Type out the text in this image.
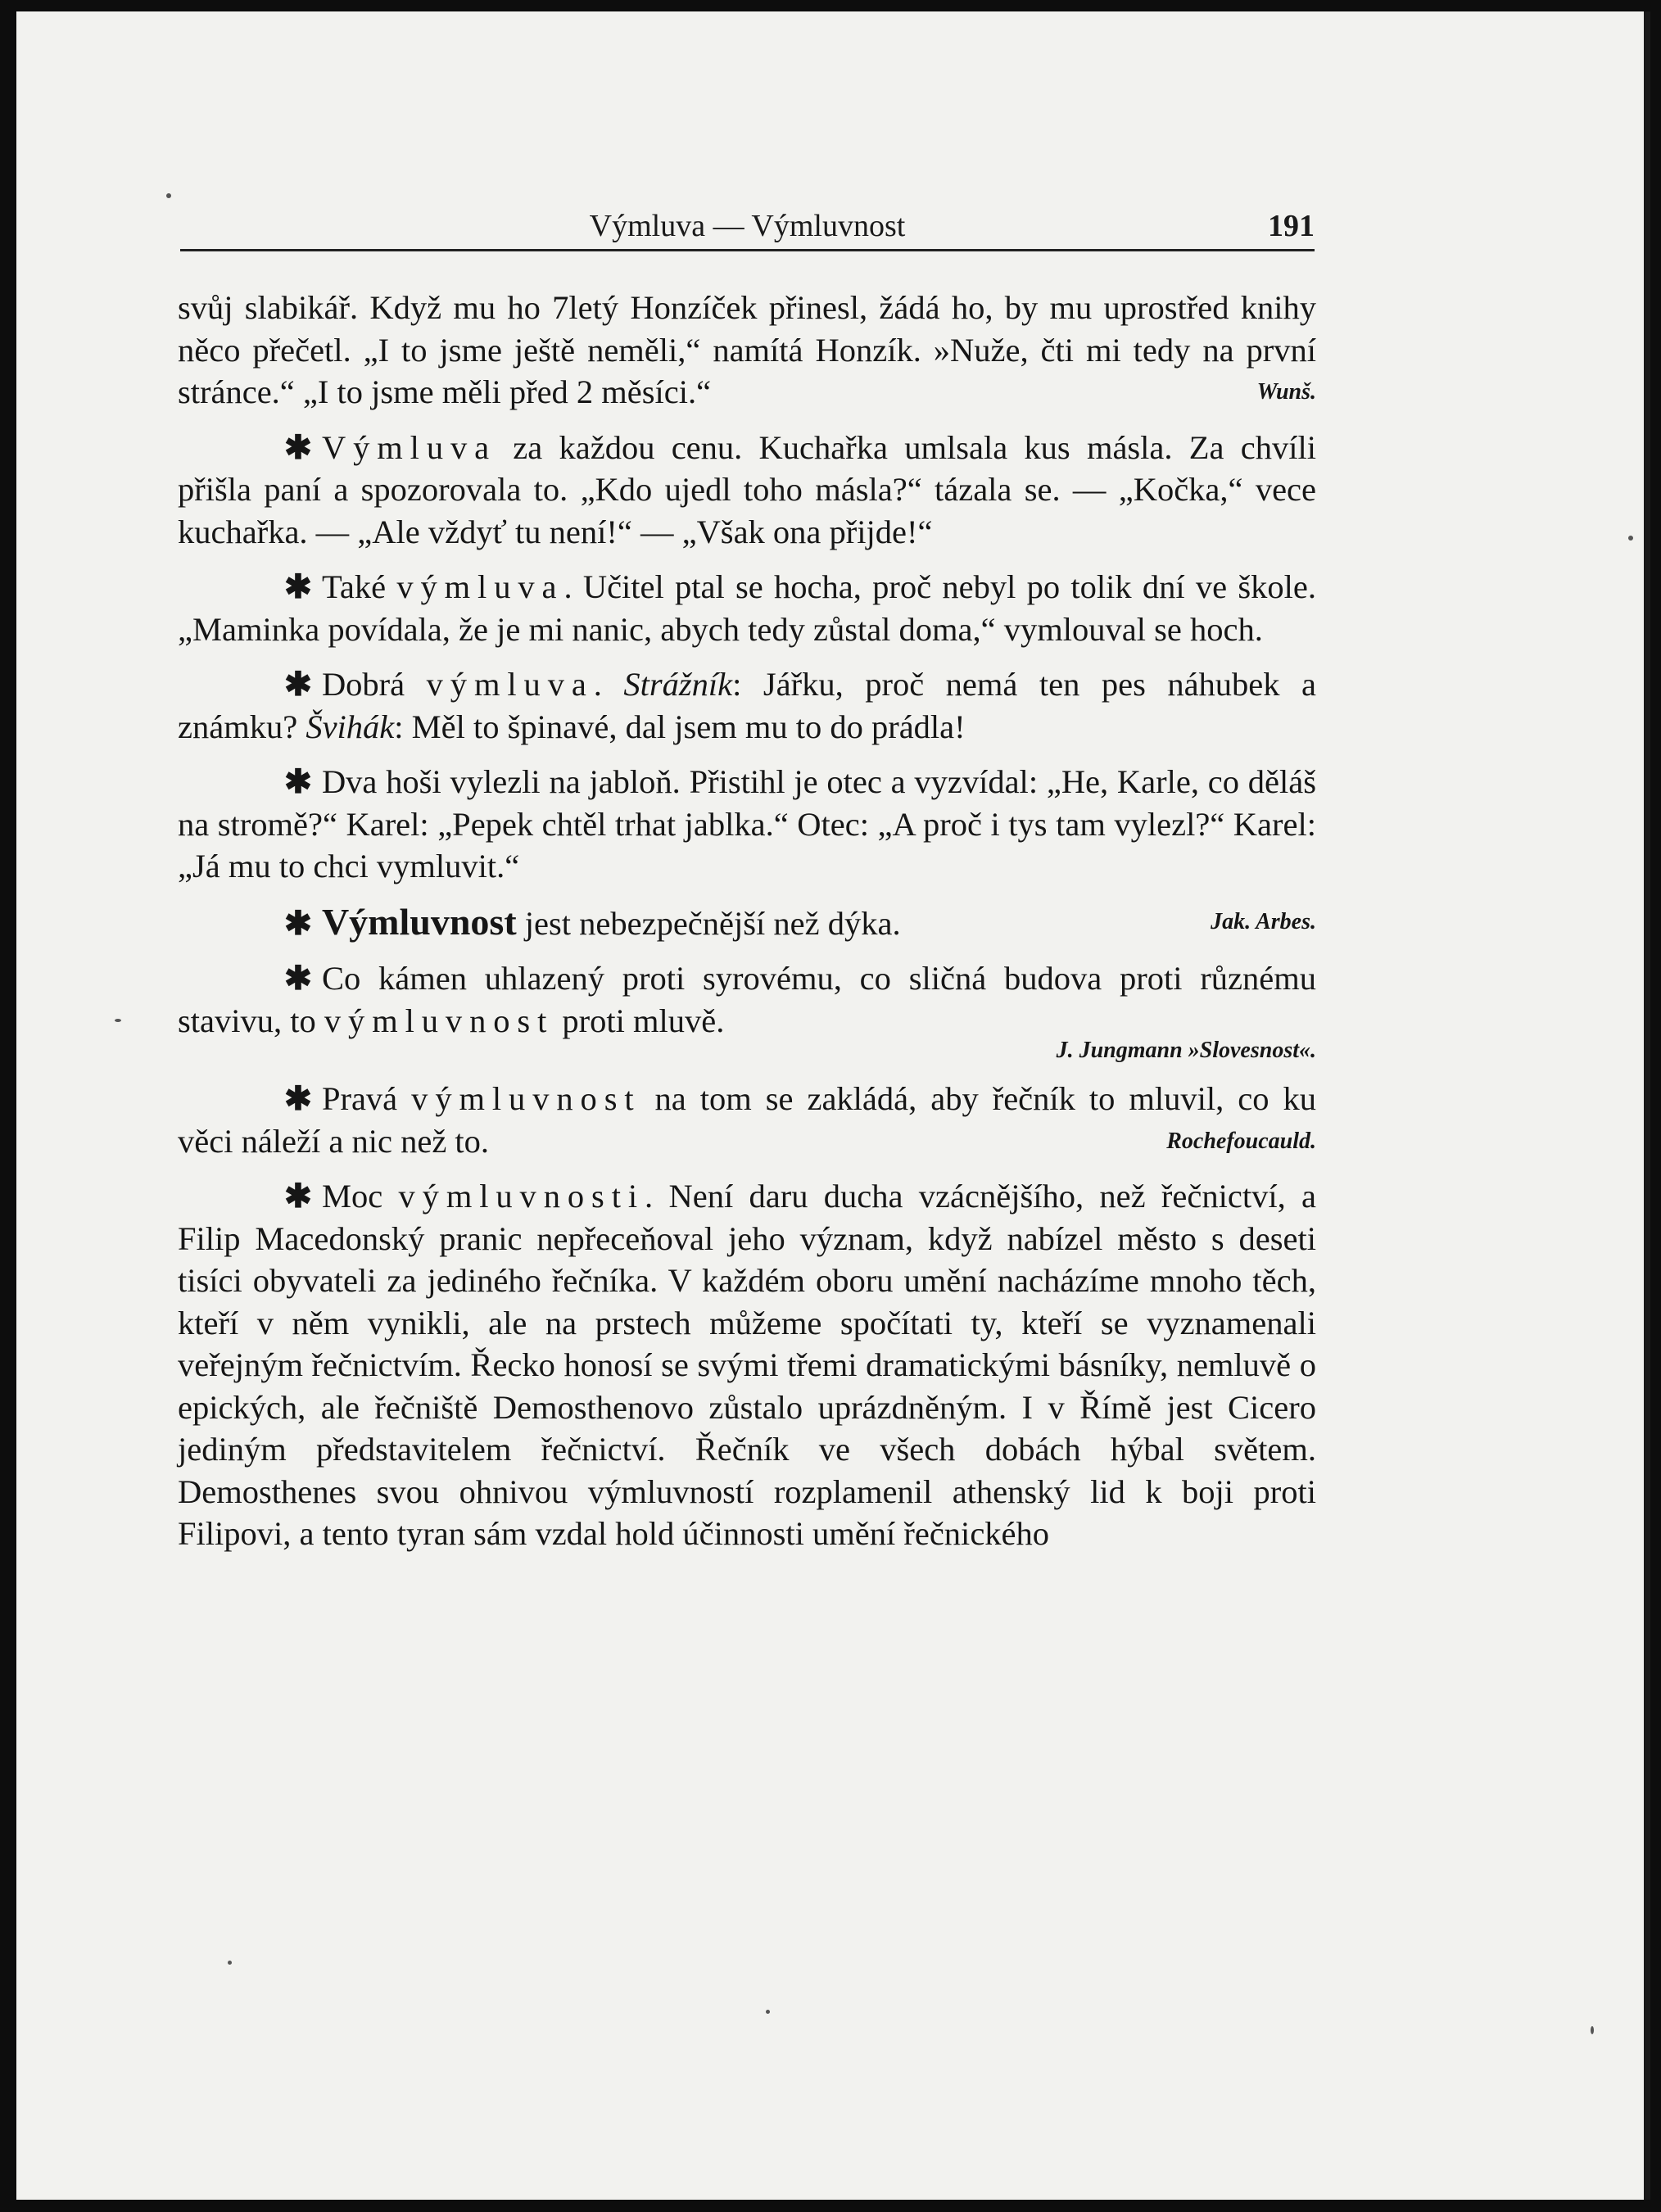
Výmluva — Výmluvnost	191

svůj slabikář. Když mu ho 7letý Honzíček přinesl, žádá ho, by mu uprostřed knihy něco přečetl. „I to jsme ještě neměli,“ namítá Honzík. »Nuže, čti mi tedy na první stránce.“ „I to jsme měli před 2 měsíci.“	Wunš.

✱ Výmluva za každou cenu. Kuchařka umlsala kus másla. Za chvíli přišla paní a spozorovala to. „Kdo ujedl toho másla?“ tázala se. — „Kočka,“ vece kuchařka. — „Ale vždyť tu není!“ — „Však ona přijde!“

✱ Také výmluva. Učitel ptal se hocha, proč nebyl po tolik dní ve škole. „Maminka povídala, že je mi nanic, abych tedy zůstal doma,“ vymlouval se hoch.

✱ Dobrá výmluva. Strážník: Jářku, proč nemá ten pes náhubek a známku? Švihák: Měl to špinavé, dal jsem mu to do prádla!

✱ Dva hoši vylezli na jabloň. Přistihl je otec a vyzvídal: „He, Karle, co děláš na stromě?“ Karel: „Pepek chtěl trhat jablka.“ Otec: „A proč i tys tam vylezl?“ Karel: „Já mu to chci vymluvit.“

✱ Výmluvnost jest nebezpečnější než dýka.	Jak. Arbes.

✱ Co kámen uhlazený proti syrovému, co sličná budova proti různému stavivu, to výmluvnost proti mluvě.

J. Jungmann »Slovesnost«.

✱ Pravá výmluvnost na tom se zakládá, aby řečník to mluvil, co ku věci náleží a nic než to.	Rochefoucauld.

✱ Moc výmluvnosti. Není daru ducha vzácnějšího, než řečnictví, a Filip Macedonský pranic nepřeceňoval jeho význam, když nabízel město s deseti tisíci obyvateli za jediného řečníka. V každém oboru umění nacházíme mnoho těch, kteří v něm vynikli, ale na prstech můžeme spočítati ty, kteří se vyznamenali veřejným řečnictvím. Řecko honosí se svými třemi dramatickými básníky, nemluvě o epických, ale řečniště Demosthenovo zůstalo uprázdněným. I v Římě jest Cicero jediným představitelem řečnictví. Řečník ve všech dobách hýbal světem. Demosthenes svou ohnivou výmluvností rozplamenil athenský lid k boji proti Filipovi, a tento tyran sám vzdal hold účinnosti umění řečnického
